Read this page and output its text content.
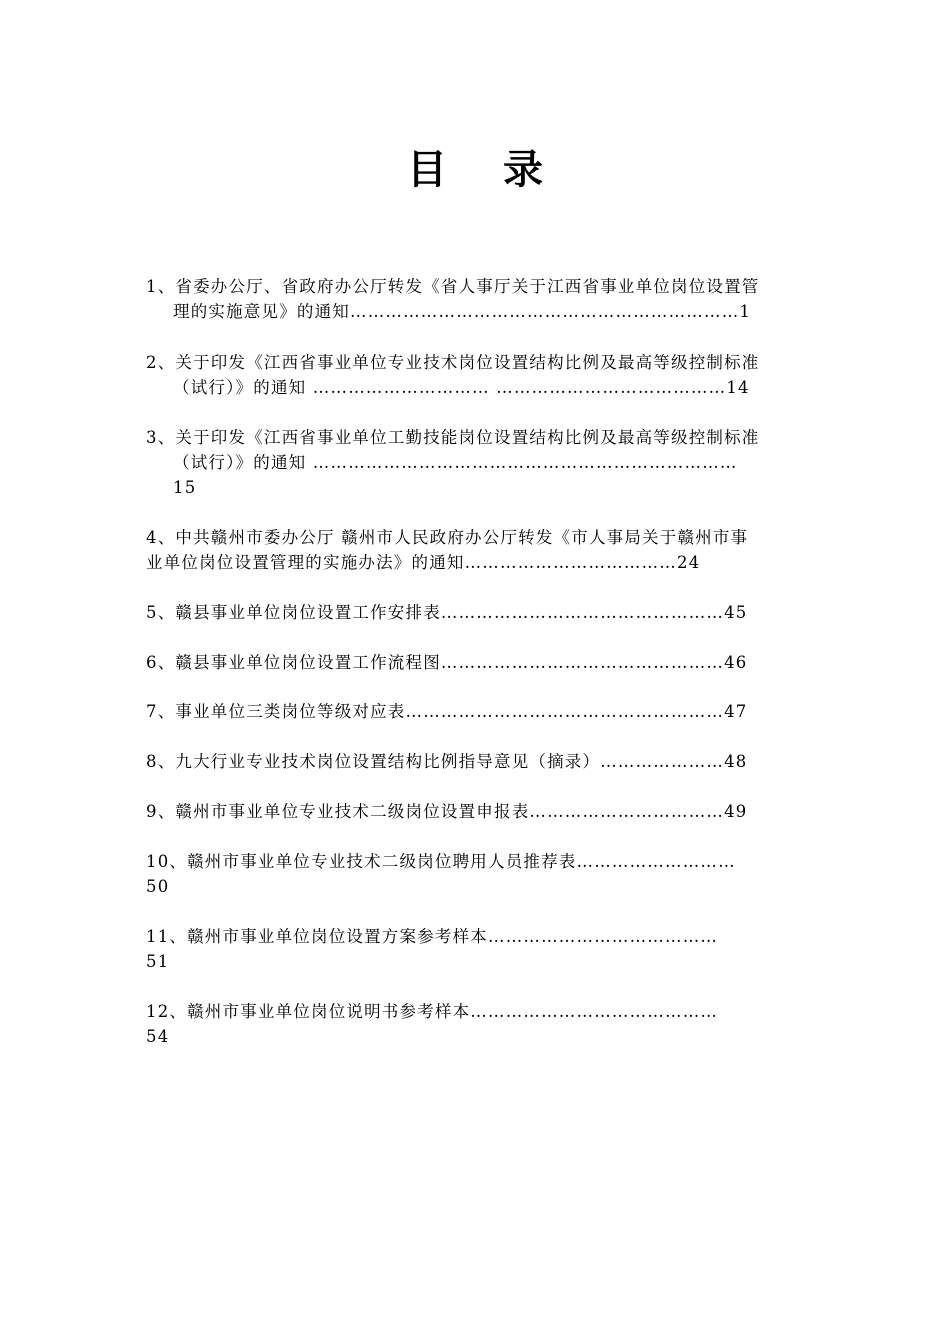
目 录
1、省委办公厅、省政府办公厅转发《省人事厅关于江西省事业单位岗位设置管
理的实施意见》的通知…………………………………………………………1
2、关于印发《江西省事业单位专业技术岗位设置结构比例及最高等级控制标准
（试行）》的通知 ………………………… …………………………………14
3、关于印发《江西省事业单位工勤技能岗位设置结构比例及最高等级控制标准
（试行）》的通知 ………………………………………………………………
15
4、中共赣州市委办公厅 赣州市人民政府办公厅转发《市人事局关于赣州市事
业单位岗位设置管理的实施办法》的通知………………………………24
5、赣县事业单位岗位设置工作安排表…………………………………………45
6、赣县事业单位岗位设置工作流程图…………………………………………46
7、事业单位三类岗位等级对应表………………………………………………47
8、九大行业专业技术岗位设置结构比例指导意见（摘录）…………………48
9、赣州市事业单位专业技术二级岗位设置申报表……………………………49
10、赣州市事业单位专业技术二级岗位聘用人员推荐表………………………
50
11、赣州市事业单位岗位设置方案参考样本…………………………………
51
12、赣州市事业单位岗位说明书参考样本……………………………………
54
